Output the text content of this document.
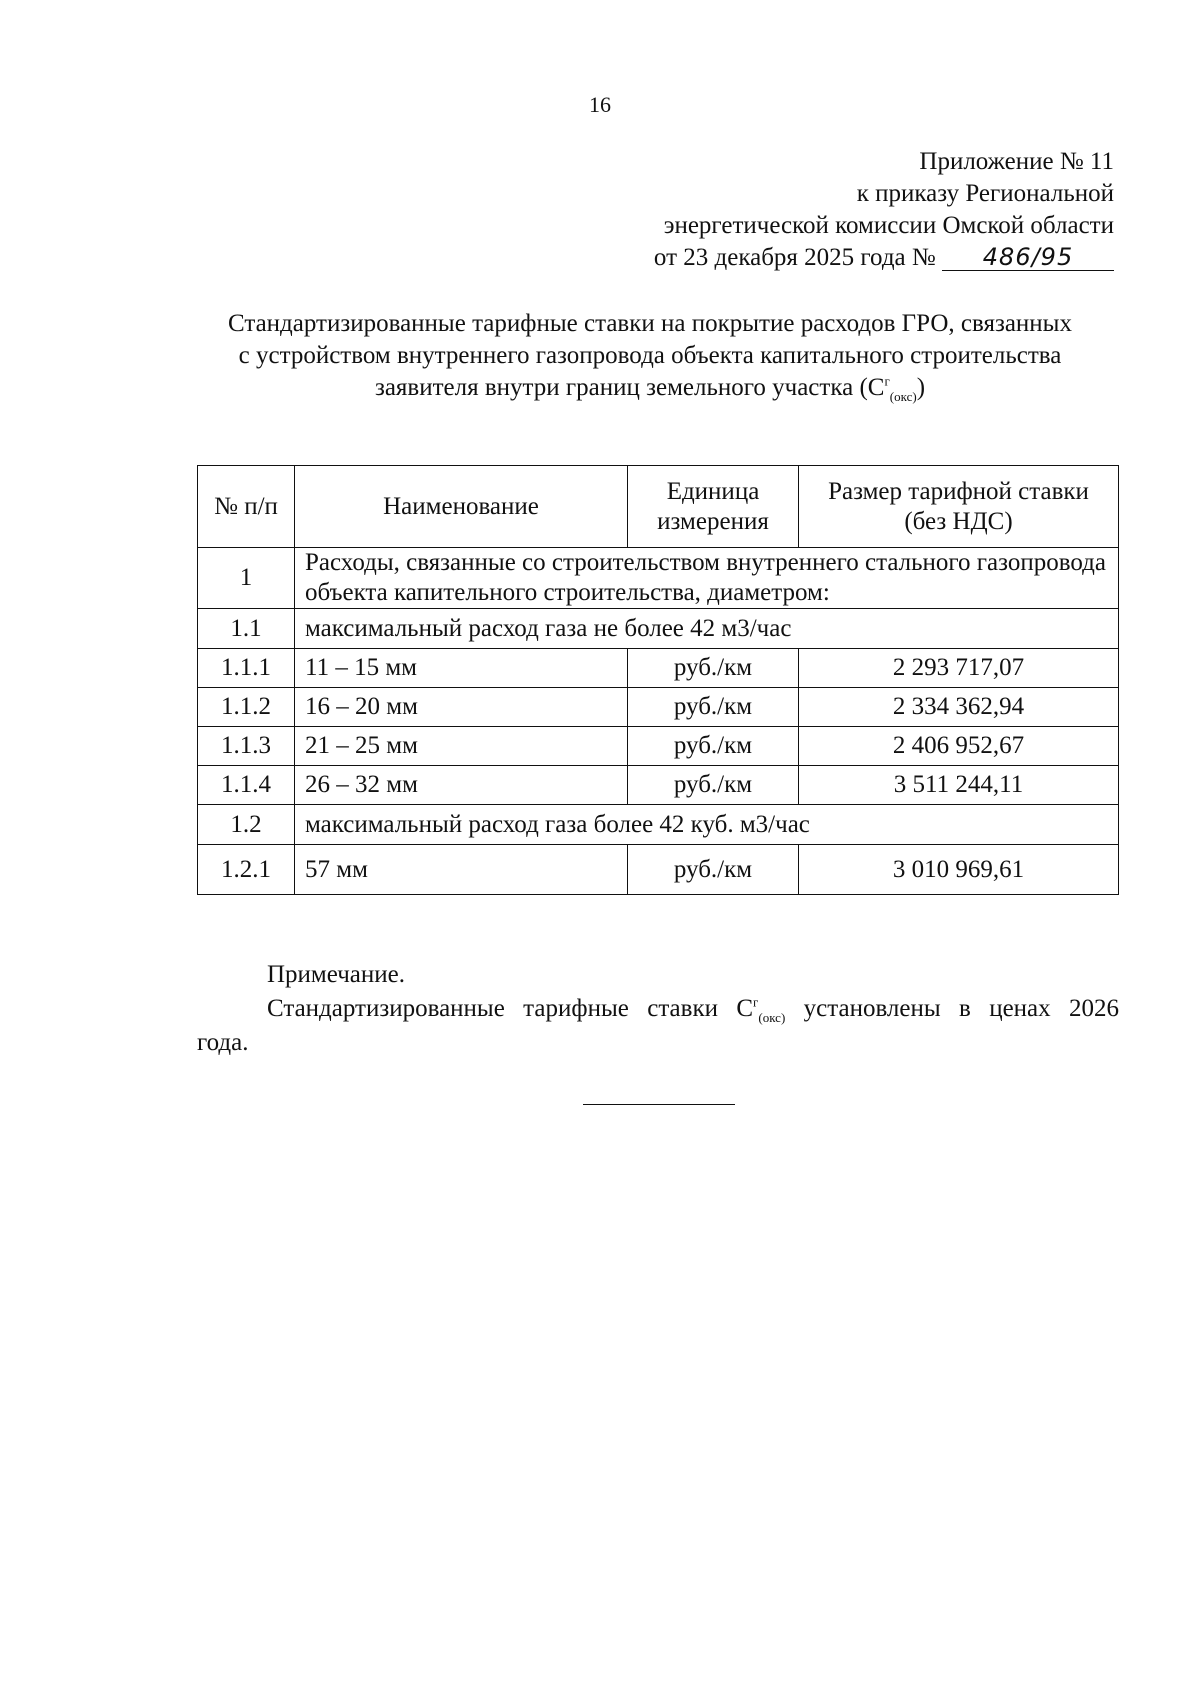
16
Приложение № 11
к приказу Региональной
энергетической комиссии Омской области
от 23 декабря 2025 года № 486/95
Стандартизированные тарифные ставки на покрытие расходов ГРО, связанных
с устройством внутреннего газопровода объекта капитального строительства
заявителя внутри границ земельного участка $(С^г_{(окс)})$
№ п/п	Наименование	Единица измерения	Размер тарифной ставки (без НДС)
1	Расходы, связанные со строительством внутреннего стального газопровода объекта капительного строительства, диаметром:		
1.1	максимальный расход газа не более 42 м3/час		
1.1.1	11 – 15 мм	руб./км	2 293 717,07
1.1.2	16 – 20 мм	руб./км	2 334 362,94
1.1.3	21 – 25 мм	руб./км	2 406 952,67
1.1.4	26 – 32 мм	руб./км	3 511 244,11
1.2	максимальный расход газа более 42 куб. м3/час		
1.2.1	57 мм	руб./км	3 010 969,61
Примечание.
Стандартизированные тарифные ставки $С^г_{(окс)}$ установлены в ценах 2026 года.
